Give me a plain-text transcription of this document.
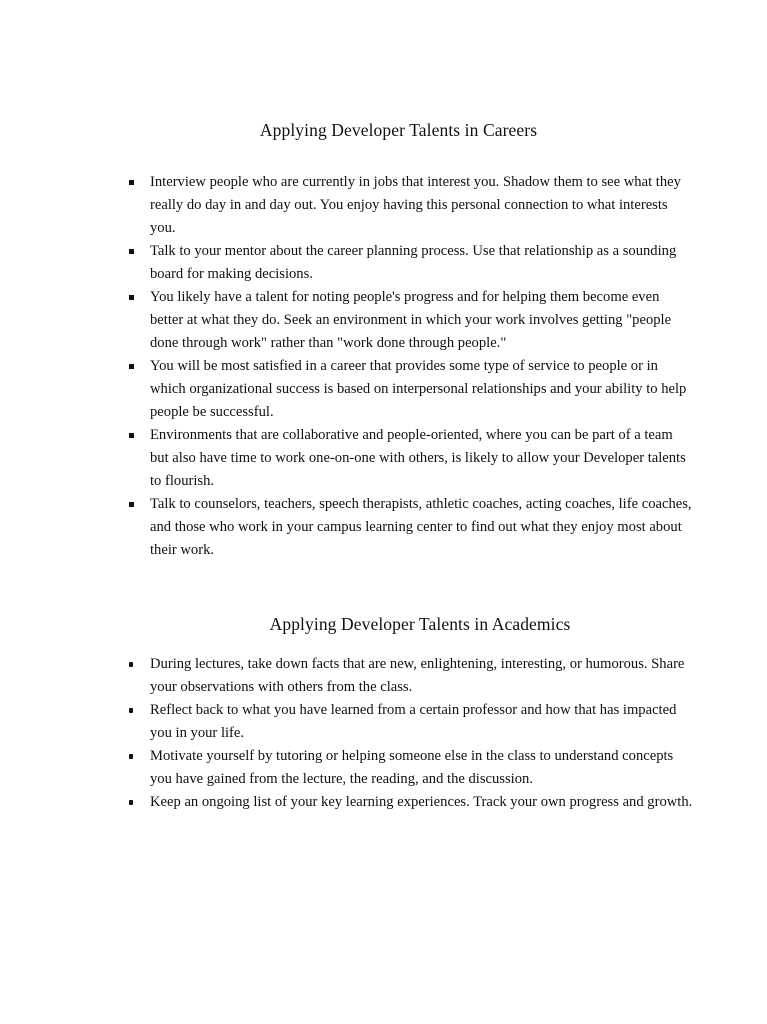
Applying Developer Talents in Careers
Interview people who are currently in jobs that interest you. Shadow them to see what they really do day in and day out. You enjoy having this personal connection to what interests you.
Talk to your mentor about the career planning process. Use that relationship as a sounding board for making decisions.
You likely have a talent for noting people's progress and for helping them become even better at what they do. Seek an environment in which your work involves getting "people done through work" rather than "work done through people."
You will be most satisfied in a career that provides some type of service to people or in which organizational success is based on interpersonal relationships and your ability to help people be successful.
Environments that are collaborative and people-oriented, where you can be part of a team but also have time to work one-on-one with others, is likely to allow your Developer talents to flourish.
Talk to counselors, teachers, speech therapists, athletic coaches, acting coaches, life coaches, and those who work in your campus learning center to find out what they enjoy most about their work.
Applying Developer Talents in Academics
During lectures, take down facts that are new, enlightening, interesting, or humorous. Share your observations with others from the class.
Reflect back to what you have learned from a certain professor and how that has impacted you in your life.
Motivate yourself by tutoring or helping someone else in the class to understand concepts you have gained from the lecture, the reading, and the discussion.
Keep an ongoing list of your key learning experiences. Track your own progress and growth.
